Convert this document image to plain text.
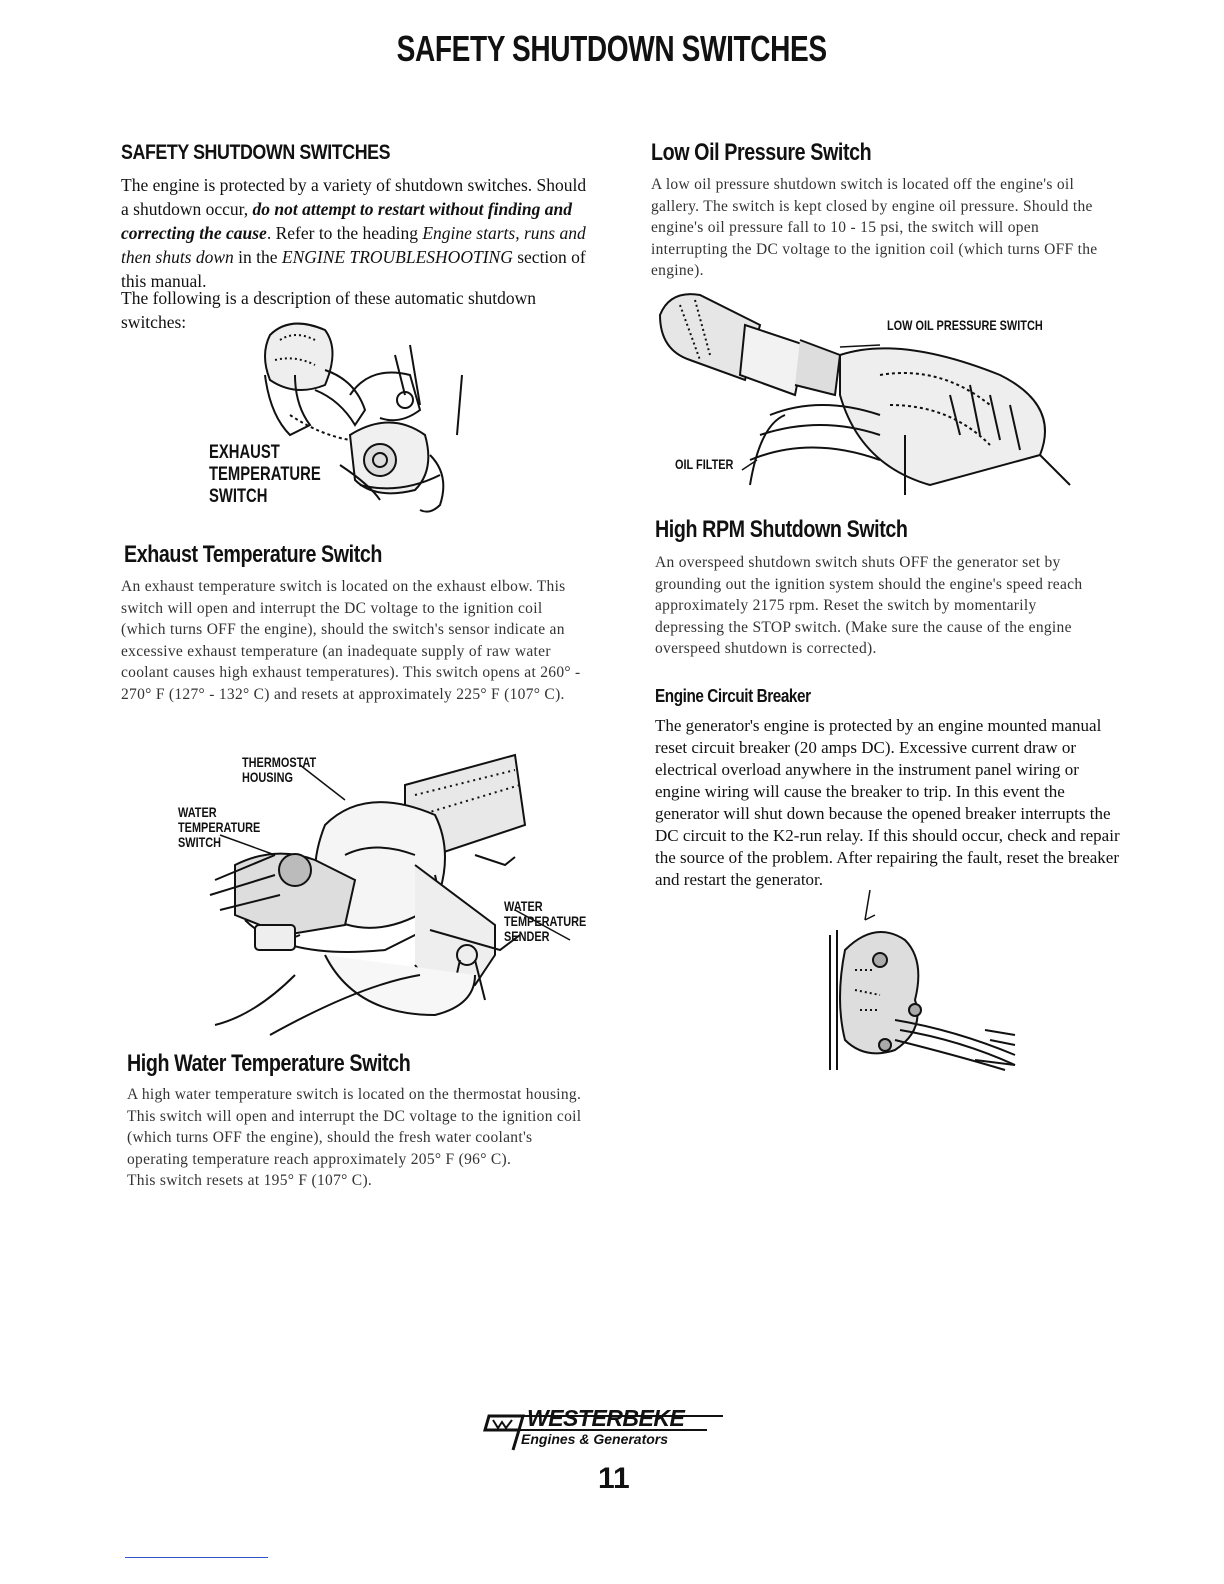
SAFETY SHUTDOWN SWITCHES
SAFETY SHUTDOWN SWITCHES

The engine is protected by a variety of shutdown switches. Should a shutdown occur, do not attempt to restart without finding and correcting the cause. Refer to the heading Engine starts, runs and then shuts down in the ENGINE TROUBLESHOOTING section of this manual.

The following is a description of these automatic shutdown switches:

EXHAUST
TEMPERATURE
SWITCH
Exhaust Temperature Switch

An exhaust temperature switch is located on the exhaust elbow. This switch will open and interrupt the DC voltage to the ignition coil (which turns OFF the engine), should the switch's sensor indicate an excessive exhaust temperature (an inadequate supply of raw water coolant causes high exhaust temperatures). This switch opens at 260° - 270° F (127° - 132° C) and resets at approximately 225° F (107° C).

THERMOSTAT
HOUSING
WATER
TEMPERATURE
SWITCH
WATER
TEMPERATURE
SENDER
High Water Temperature Switch

A high water temperature switch is located on the thermostat housing. This switch will open and interrupt the DC voltage to the ignition coil (which turns OFF the engine), should the fresh water coolant's operating temperature reach approximately 205° F (96° C).

This switch resets at 195° F (107° C).

Low Oil Pressure Switch

A low oil pressure shutdown switch is located off the engine's oil gallery. The switch is kept closed by engine oil pressure. Should the engine's oil pressure fall to 10 - 15 psi, the switch will open interrupting the DC voltage to the ignition coil (which turns OFF the engine).

LOW OIL PRESSURE SWITCH
OIL FILTER
High RPM Shutdown Switch

An overspeed shutdown switch shuts OFF the generator set by grounding out the ignition system should the engine's speed reach approximately 2175 rpm. Reset the switch by momentarily depressing the STOP switch. (Make sure the cause of the engine overspeed shutdown is corrected).

Engine Circuit Breaker

The generator's engine is protected by an engine mounted manual reset circuit breaker (20 amps DC). Excessive current draw or electrical overload anywhere in the instrument panel wiring or engine wiring will cause the breaker to trip. In this event the generator will shut down because the opened breaker interrupts the DC circuit to the K2-run relay. If this should occur, check and repair the source of the problem. After repairing the fault, reset the breaker and restart the generator.

WESTERBEKE
Engines & Generators
11
